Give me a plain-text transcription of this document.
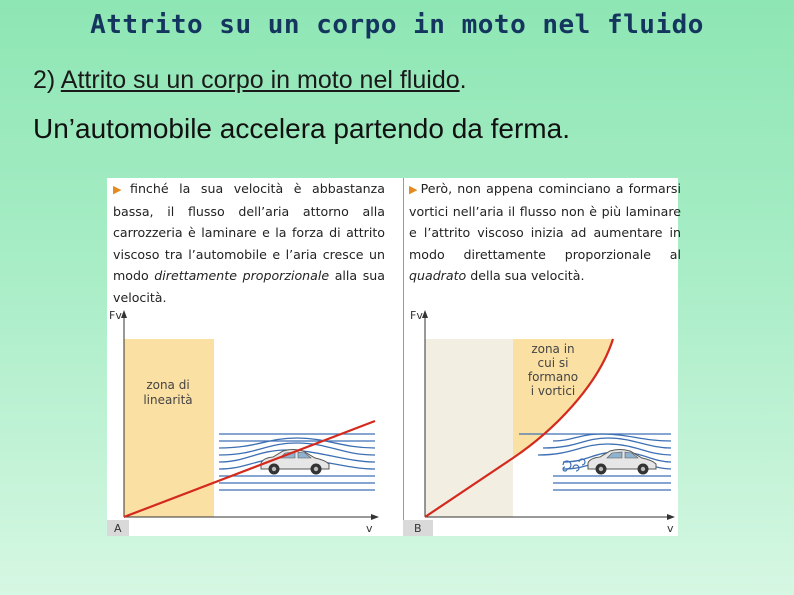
Attrito su un corpo in moto nel fluido
2) Attrito su un corpo in moto nel fluido.
Un’automobile accelera partendo da ferma.
▶ finché la sua velocità è abbastanza bassa, il flusso dell’aria attorno alla carrozzeria è laminare e la forza di attrito viscoso tra l’automobile e l’aria cresce un modo direttamente proporzionale alla sua velocità.
Fv
v
zona di
linearità
A
▶ Però, non appena cominciano a formarsi vortici nell’aria il flusso non è più laminare e l’attrito viscoso inizia ad aumentare in modo direttamente proporzionale al quadrato della sua velocità.
Fv
v
zona in
cui si
formano
i vortici
B
